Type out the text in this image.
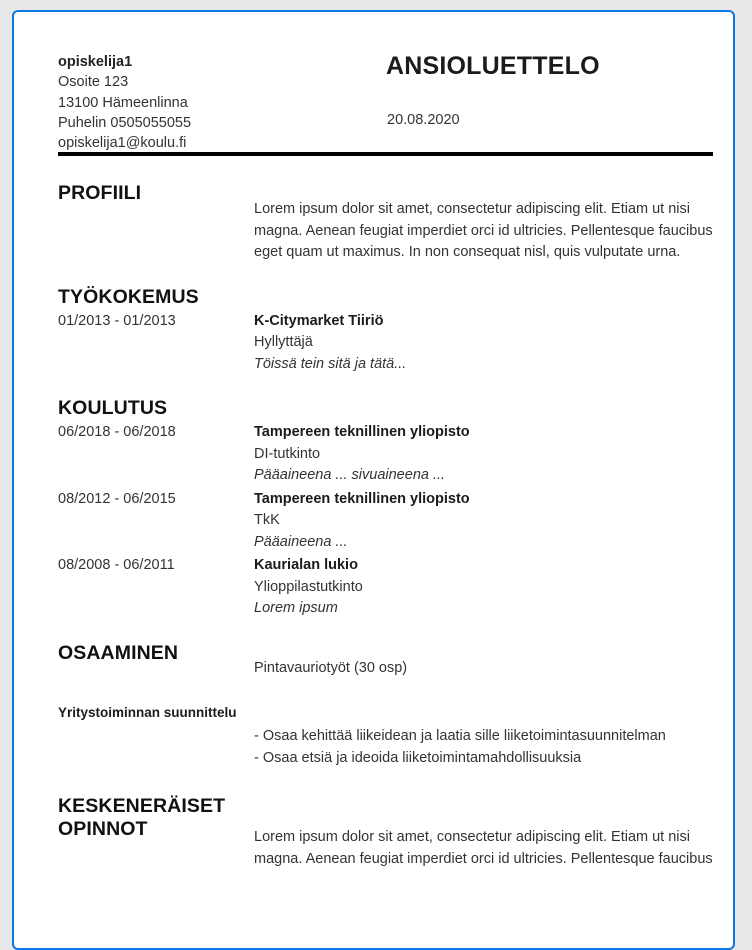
opiskelija1
Osoite 123
13100 Hämeenlinna
Puhelin 0505055055
opiskelija1@koulu.fi
ANSIOLUETTELO
20.08.2020
PROFIILI

Lorem ipsum dolor sit amet, consectetur adipiscing elit. Etiam ut nisi magna. Aenean feugiat imperdiet orci id ultricies. Pellentesque faucibus eget quam ut maximus. In non consequat nisl, quis vulputate urna.

TYÖKOKEMUS
01/2013 - 01/2013	K-Citymarket Tiiriö
Hyllyttäjä
Töissä tein sitä ja tätä...
KOULUTUS
06/2018 - 06/2018	Tampereen teknillinen yliopisto
DI-tutkinto
Pääaineena ... sivuaineena ...
08/2012 - 06/2015	Tampereen teknillinen yliopisto
TkK
Pääaineena ...
08/2008 - 06/2011	Kaurialan lukio
Ylioppilastutkinto
Lorem ipsum
OSAAMINEN
Pintavauriotyöt (30 osp)
Yritystoiminnan suunnittelu
- Osaa kehittää liikeidean ja laatia sille liiketoimintasuunnitelman
- Osaa etsiä ja ideoida liiketoimintamahdollisuuksia
KESKENERÄISET OPINNOT	Lorem ipsum dolor sit amet, consectetur adipiscing elit. Etiam ut nisi magna. Aenean feugiat imperdiet orci id ultricies. Pellentesque faucibus
